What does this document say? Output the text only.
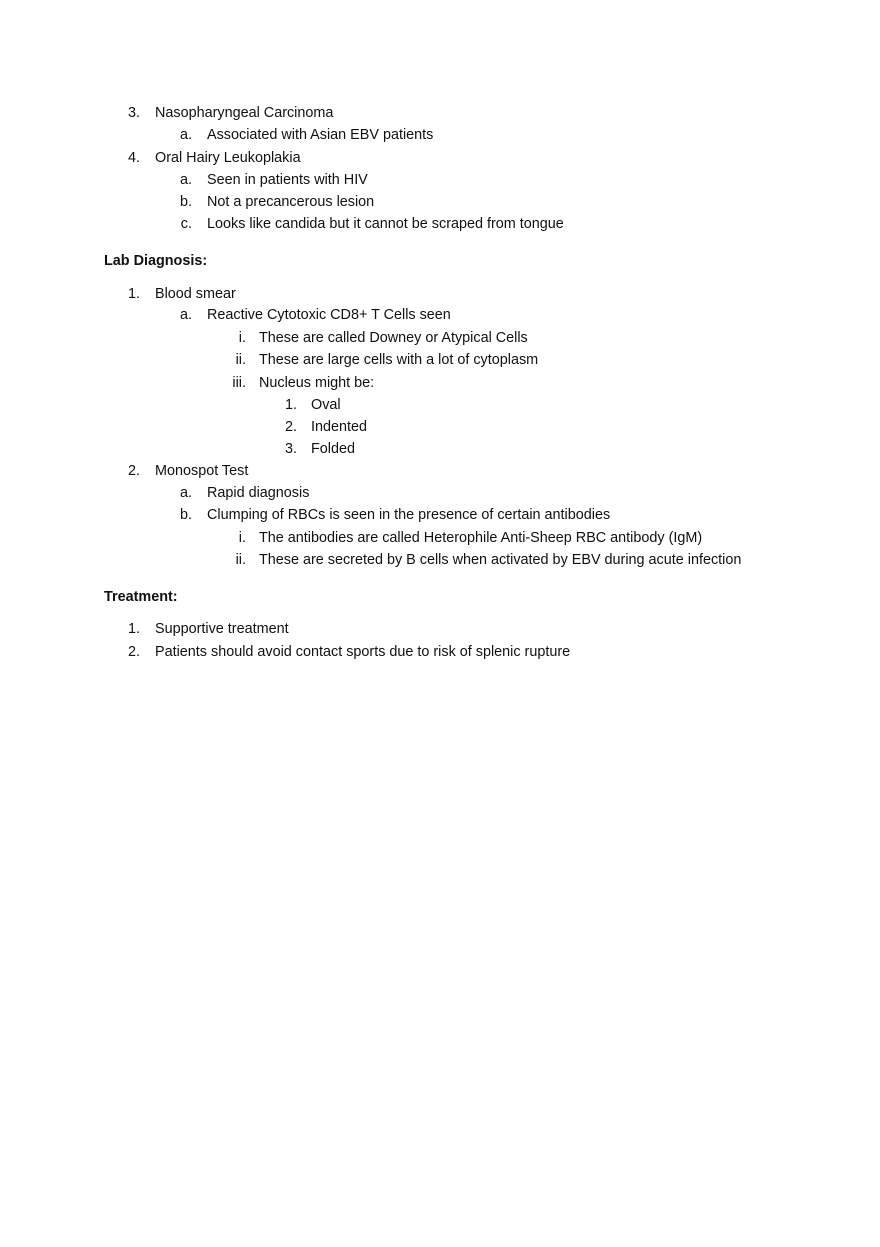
3. Nasopharyngeal Carcinoma
a. Associated with Asian EBV patients
4. Oral Hairy Leukoplakia
a. Seen in patients with HIV
b. Not a precancerous lesion
c. Looks like candida but it cannot be scraped from tongue
Lab Diagnosis:
1. Blood smear
a. Reactive Cytotoxic CD8+ T Cells seen
i. These are called Downey or Atypical Cells
ii. These are large cells with a lot of cytoplasm
iii. Nucleus might be:
1. Oval
2. Indented
3. Folded
2. Monospot Test
a. Rapid diagnosis
b. Clumping of RBCs is seen in the presence of certain antibodies
i. The antibodies are called Heterophile Anti-Sheep RBC antibody (IgM)
ii. These are secreted by B cells when activated by EBV during acute infection
Treatment:
1. Supportive treatment
2. Patients should avoid contact sports due to risk of splenic rupture
